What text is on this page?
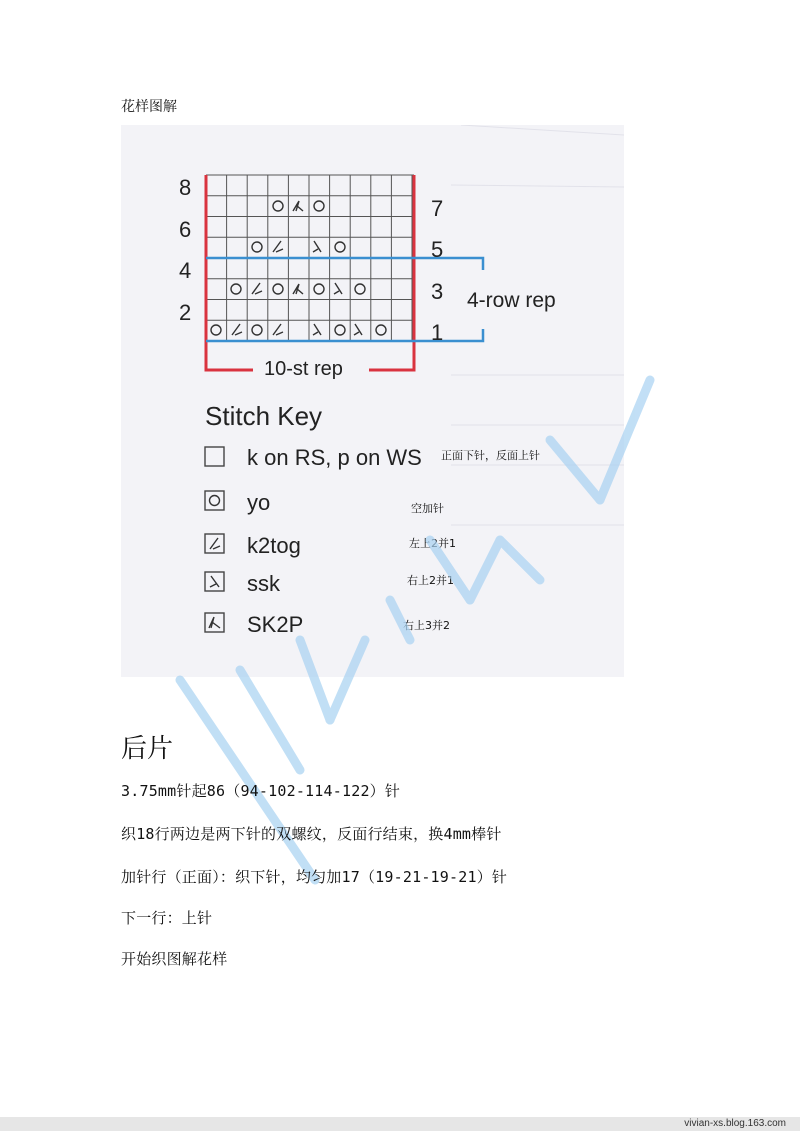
花样图解
8
6
4
2
7
5
3
1
4-row rep
10-st rep
Stitch Key
k on RS, p on WS 正面下针，反面上针
yo	空加针
k2tog	左上2并1
ssk	右上2并1
SK2P	右上3并2
后片
3.75mm针起86（94-102-114-122）针
织18行两边是两下针的双螺纹，反面行结束，换4mm棒针
加针行（正面）：织下针，均匀加17（19-21-19-21）针
下一行：上针
开始织图解花样
vivian-xs.blog.163.com
